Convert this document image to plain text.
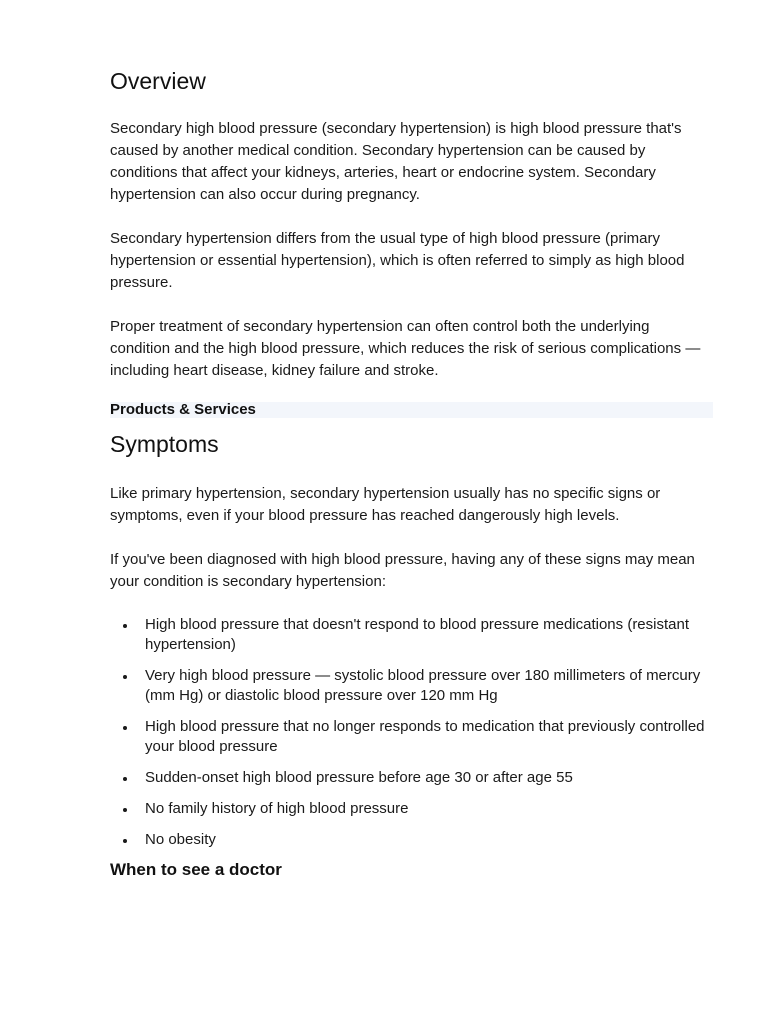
Overview

Secondary high blood pressure (secondary hypertension) is high blood pressure that's caused by another medical condition. Secondary hypertension can be caused by conditions that affect your kidneys, arteries, heart or endocrine system. Secondary hypertension can also occur during pregnancy.

Secondary hypertension differs from the usual type of high blood pressure (primary hypertension or essential hypertension), which is often referred to simply as high blood pressure.

Proper treatment of secondary hypertension can often control both the underlying condition and the high blood pressure, which reduces the risk of serious complications — including heart disease, kidney failure and stroke.

Products & Services
Symptoms

Like primary hypertension, secondary hypertension usually has no specific signs or symptoms, even if your blood pressure has reached dangerously high levels.

If you've been diagnosed with high blood pressure, having any of these signs may mean your condition is secondary hypertension:

High blood pressure that doesn't respond to blood pressure medications (resistant hypertension)
Very high blood pressure — systolic blood pressure over 180 millimeters of mercury (mm Hg) or diastolic blood pressure over 120 mm Hg
High blood pressure that no longer responds to medication that previously controlled your blood pressure
Sudden-onset high blood pressure before age 30 or after age 55
No family history of high blood pressure
No obesity
When to see a doctor
